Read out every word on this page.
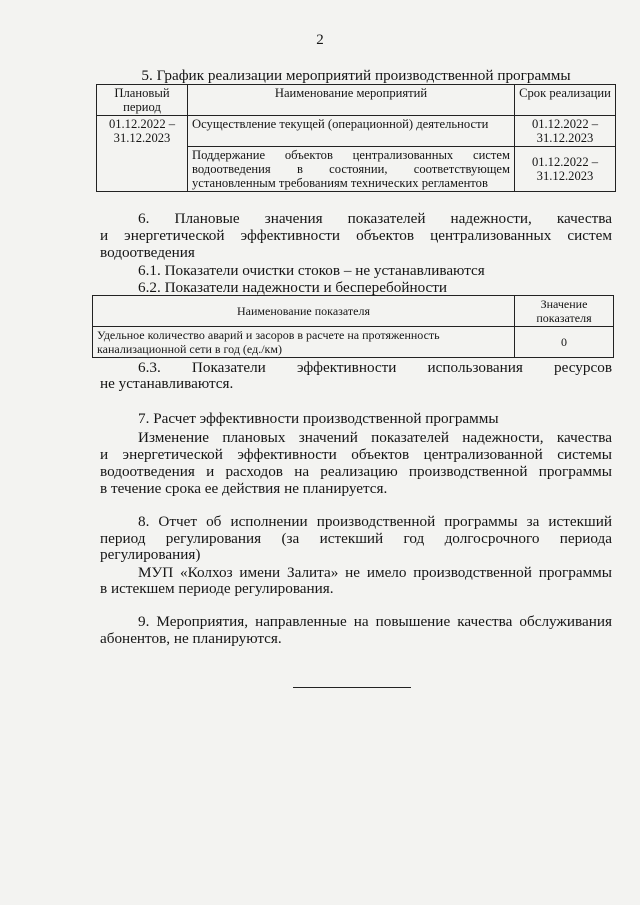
2
5. График реализации мероприятий производственной программы
Плановый период	Наименование мероприятий	Срок реализации
01.12.2022 – 31.12.2023	Осуществление текущей (операционной) деятельности	01.12.2022 – 31.12.2023
	Поддержание объектов централизованных систем водоотведения в состоянии, соответствующем установленным требованиям технических регламентов	01.12.2022 – 31.12.2023
6. Плановые значения показателей надежности, качества
и энергетической эффективности объектов централизованных систем
водоотведения
6.1. Показатели очистки стоков – не устанавливаются
6.2. Показатели надежности и бесперебойности
Наименование показателя	Значение показателя
Удельное количество аварий и засоров в расчете на протяженность канализационной сети в год (ед./км)	0
6.3. Показатели эффективности использования ресурсов
не устанавливаются.
7. Расчет эффективности производственной программы
Изменение плановых значений показателей надежности, качества
и энергетической эффективности объектов централизованной системы
водоотведения и расходов на реализацию производственной программы
в течение срока ее действия не планируется.
8. Отчет об исполнении производственной программы за истекший
период регулирования (за истекший год долгосрочного периода
регулирования)
МУП «Колхоз имени Залита» не имело производственной программы
в истекшем периоде регулирования.
9. Мероприятия, направленные на повышение качества обслуживания
абонентов, не планируются.
